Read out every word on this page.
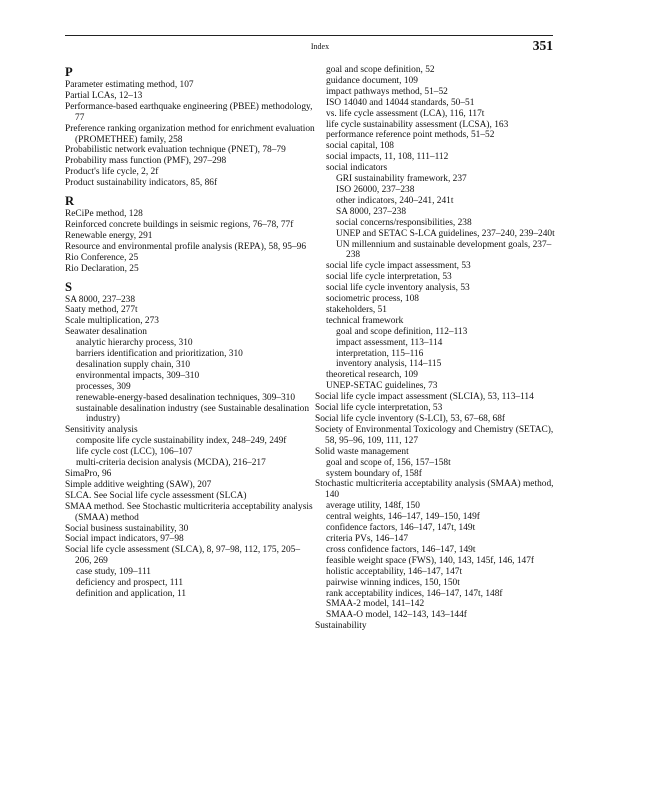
Index	351
P
Parameter estimating method, 107
Partial LCAs, 12–13
Performance-based earthquake engineering (PBEE) methodology, 77
Preference ranking organization method for enrichment evaluation (PROMETHEE) family, 258
Probabilistic network evaluation technique (PNET), 78–79
Probability mass function (PMF), 297–298
Product's life cycle, 2, 2f
Product sustainability indicators, 85, 86f
R
ReCiPe method, 128
Reinforced concrete buildings in seismic regions, 76–78, 77f
Renewable energy, 291
Resource and environmental profile analysis (REPA), 58, 95–96
Rio Conference, 25
Rio Declaration, 25
S
SA 8000, 237–238
Saaty method, 277t
Scale multiplication, 273
Seawater desalination
analytic hierarchy process, 310
barriers identification and prioritization, 310
desalination supply chain, 310
environmental impacts, 309–310
processes, 309
renewable-energy-based desalination techniques, 309–310
sustainable desalination industry (see Sustainable desalination industry)
Sensitivity analysis
composite life cycle sustainability index, 248–249, 249f
life cycle cost (LCC), 106–107
multi-criteria decision analysis (MCDA), 216–217
SimaPro, 96
Simple additive weighting (SAW), 207
SLCA. See Social life cycle assessment (SLCA)
SMAA method. See Stochastic multicriteria acceptability analysis (SMAA) method
Social business sustainability, 30
Social impact indicators, 97–98
Social life cycle assessment (SLCA), 8, 97–98, 112, 175, 205–206, 269
case study, 109–111
deficiency and prospect, 111
definition and application, 11
goal and scope definition, 52
guidance document, 109
impact pathways method, 51–52
ISO 14040 and 14044 standards, 50–51
vs. life cycle assessment (LCA), 116, 117t
life cycle sustainability assessment (LCSA), 163
performance reference point methods, 51–52
social capital, 108
social impacts, 11, 108, 111–112
social indicators
GRI sustainability framework, 237
ISO 26000, 237–238
other indicators, 240–241, 241t
SA 8000, 237–238
social concerns/responsibilities, 238
UNEP and SETAC S-LCA guidelines, 237–240, 239–240t
UN millennium and sustainable development goals, 237–238
social life cycle impact assessment, 53
social life cycle interpretation, 53
social life cycle inventory analysis, 53
sociometric process, 108
stakeholders, 51
technical framework
goal and scope definition, 112–113
impact assessment, 113–114
interpretation, 115–116
inventory analysis, 114–115
theoretical research, 109
UNEP-SETAC guidelines, 73
Social life cycle impact assessment (SLCIA), 53, 113–114
Social life cycle interpretation, 53
Social life cycle inventory (S-LCI), 53, 67–68, 68f
Society of Environmental Toxicology and Chemistry (SETAC), 58, 95–96, 109, 111, 127
Solid waste management
goal and scope of, 156, 157–158t
system boundary of, 158f
Stochastic multicriteria acceptability analysis (SMAA) method, 140
average utility, 148f, 150
central weights, 146–147, 149–150, 149f
confidence factors, 146–147, 147t, 149t
criteria PVs, 146–147
cross confidence factors, 146–147, 149t
feasible weight space (FWS), 140, 143, 145f, 146, 147f
holistic acceptability, 146–147, 147t
pairwise winning indices, 150, 150t
rank acceptability indices, 146–147, 147t, 148f
SMAA-2 model, 141–142
SMAA-O model, 142–143, 143–144f
Sustainability
